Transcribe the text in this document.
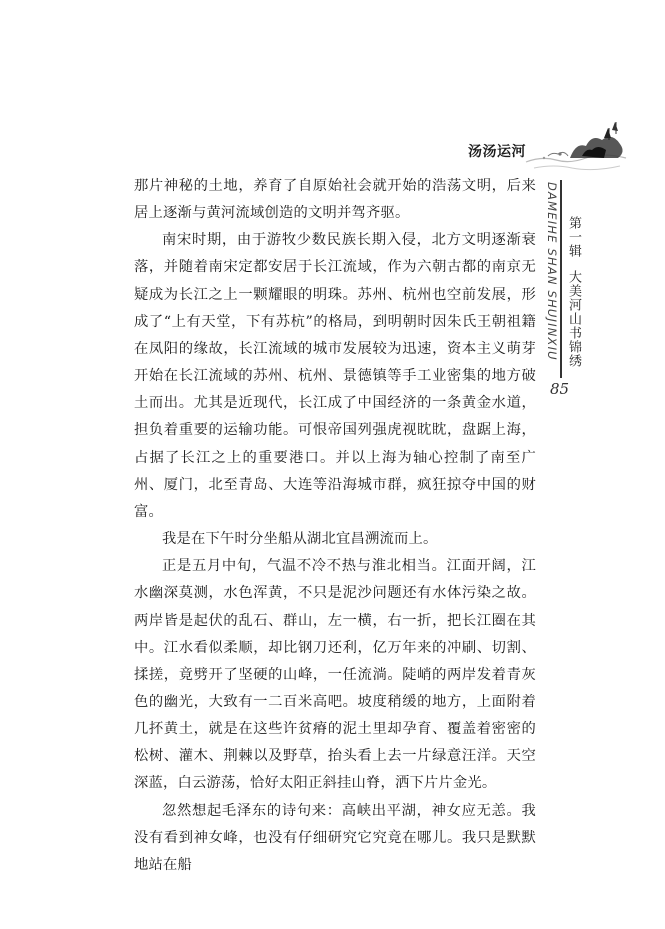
汤汤运河
DAMEIHE SHAN SHUJINXIU 第一辑大美河山书锦绣
85

那片神秘的土地，养育了自原始社会就开始的浩荡文明，后来居上逐渐与黄河流域创造的文明并驾齐驱。

南宋时期，由于游牧少数民族长期入侵，北方文明逐渐衰落，并随着南宋定都安居于长江流域，作为六朝古都的南京无疑成为长江之上一颗耀眼的明珠。苏州、杭州也空前发展，形成了“上有天堂，下有苏杭”的格局，到明朝时因朱氏王朝祖籍在凤阳的缘故，长江流域的城市发展较为迅速，资本主义萌芽开始在长江流域的苏州、杭州、景德镇等手工业密集的地方破土而出。尤其是近现代，长江成了中国经济的一条黄金水道，担负着重要的运输功能。可恨帝国列强虎视眈眈，盘踞上海，占据了长江之上的重要港口。并以上海为轴心控制了南至广州、厦门，北至青岛、大连等沿海城市群，疯狂掠夺中国的财富。

我是在下午时分坐船从湖北宜昌溯流而上。

正是五月中旬，气温不冷不热与淮北相当。江面开阔，江水幽深莫测，水色浑黄，不只是泥沙问题还有水体污染之故。两岸皆是起伏的乱石、群山，左一横，右一折，把长江圈在其中。江水看似柔顺，却比钢刀还利，亿万年来的冲刷、切割、揉搓，竟劈开了坚硬的山峰，一任流淌。陡峭的两岸发着青灰色的幽光，大致有一二百米高吧。坡度稍缓的地方，上面附着几抔黄土，就是在这些许贫瘠的泥土里却孕育、覆盖着密密的松树、灌木、荆棘以及野草，抬头看上去一片绿意汪洋。天空深蓝，白云游荡，恰好太阳正斜挂山脊，洒下片片金光。

忽然想起毛泽东的诗句来：高峡出平湖，神女应无恙。我没有看到神女峰，也没有仔细研究它究竟在哪儿。我只是默默地站在船
